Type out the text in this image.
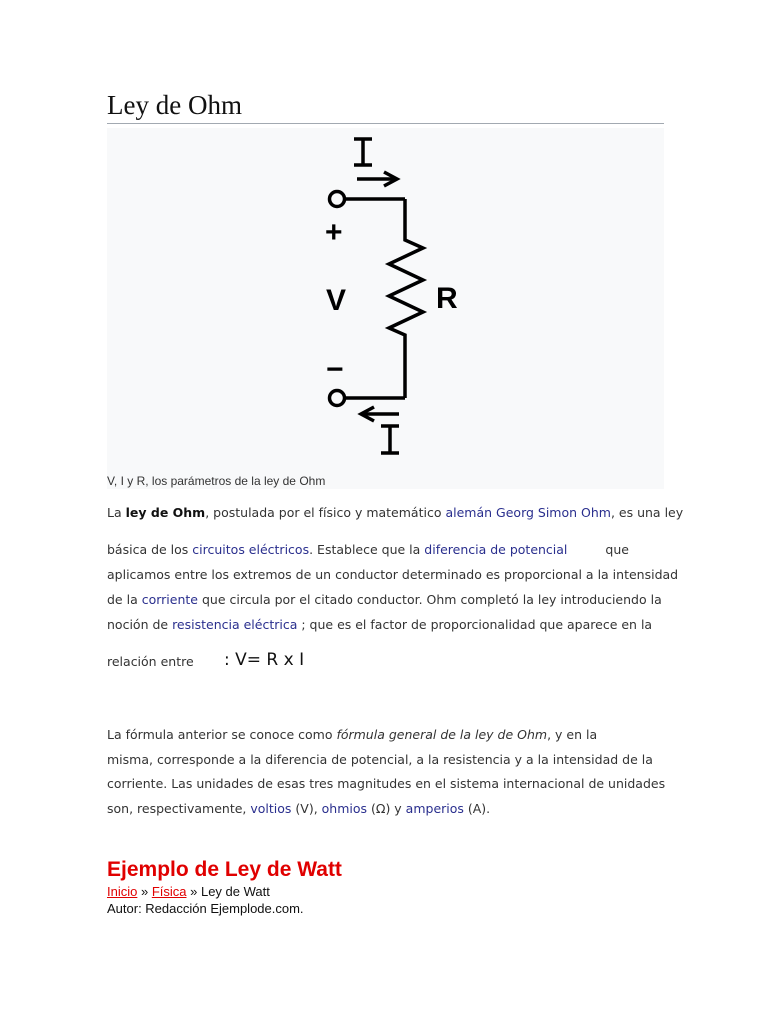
Ley de Ohm
+
−
V	R
V, I y R, los parámetros de la ley de Ohm

La ley de Ohm, postulada por el físico y matemático alemán Georg Simon Ohm, es una ley

básica de los circuitos eléctricos. Establece que la diferencia de potencial	que

aplicamos entre los extremos de un conductor determinado es proporcional a la intensidad

de la corriente que circula por el citado conductor. Ohm completó la ley introduciendo la

noción de resistencia eléctrica ; que es el factor de proporcionalidad que aparece en la

relación entre	: V= R x I

La fórmula anterior se conoce como fórmula general de la ley de Ohm, y en la

misma, corresponde a la diferencia de potencial, a la resistencia y a la intensidad de la

corriente. Las unidades de esas tres magnitudes en el sistema internacional de unidades

son, respectivamente, voltios (V), ohmios (Ω) y amperios (A).

Ejemplo de Ley de Watt
Inicio » Física » Ley de Watt
Autor: Redacción Ejemplode.com.
